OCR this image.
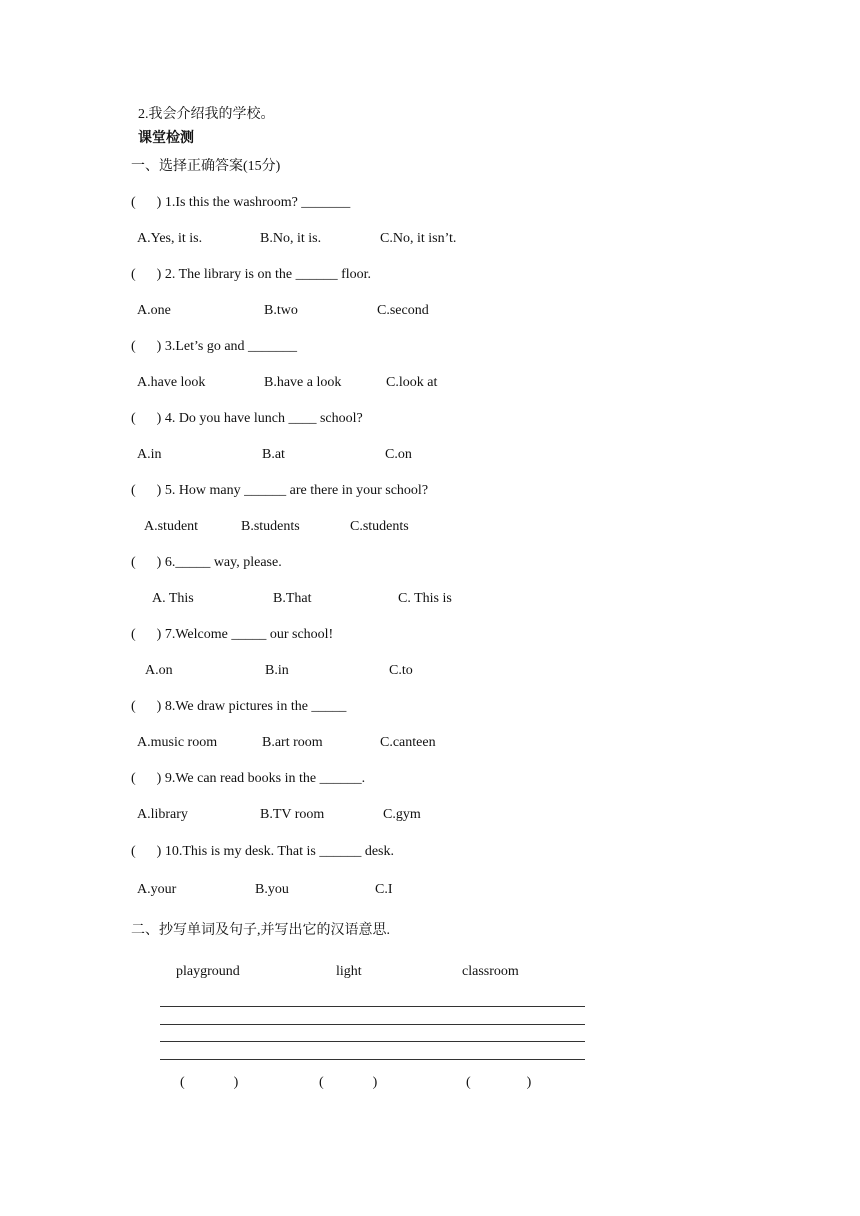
2.我会介绍我的学校。
课堂检测
一、选择正确答案(15分)
(      ) 1.Is this the washroom? _______
A.Yes, it is.	B.No, it is.	C.No, it isn’t.
(      ) 2. The library is on the ______ floor.
A.one	B.two	C.second
(      ) 3.Let’s go and _______
A.have look	B.have a look	C.look at
(      ) 4. Do you have lunch ____ school?
A.in	B.at	C.on
(      ) 5. How many ______ are there in your school?
A.student	B.students	C.students
(      ) 6._____ way, please.
A. This	B.That	C. This is
(      ) 7.Welcome _____ our school!
A.on	B.in	C.to
(      ) 8.We draw pictures in the _____
A.music room	B.art room	C.canteen
(      ) 9.We can read books in the ______.
A.library	B.TV room	C.gym
(      ) 10.This is my desk. That is ______ desk.
A.your	B.you	C.I
二、抄写单词及句子,并写出它的汉语意思.
playground	light	classroom
(              )	(              )	(                )
